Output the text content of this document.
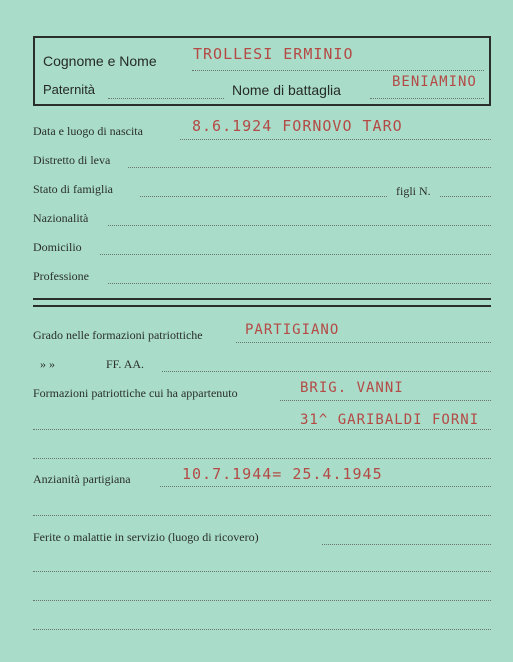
Cognome e Nome TROLLESI ERMINIO
Paternità	Nome di battaglia	BENIAMINO
Data e luogo di nascita	8.6.1924 FORNOVO TARO
Distretto di leva
Stato di famiglia	figli N.
Nazionalità
Domicilio
Professione
Grado nelle formazioni patriottiche	PARTIGIANO
» »	FF. AA.
Formazioni patriottiche cui ha appartenuto	BRIG. VANNI
31^ GARIBALDI FORNI
Anzianità partigiana	10.7.1944= 25.4.1945
Ferite o malattie in servizio (luogo di ricovero)
